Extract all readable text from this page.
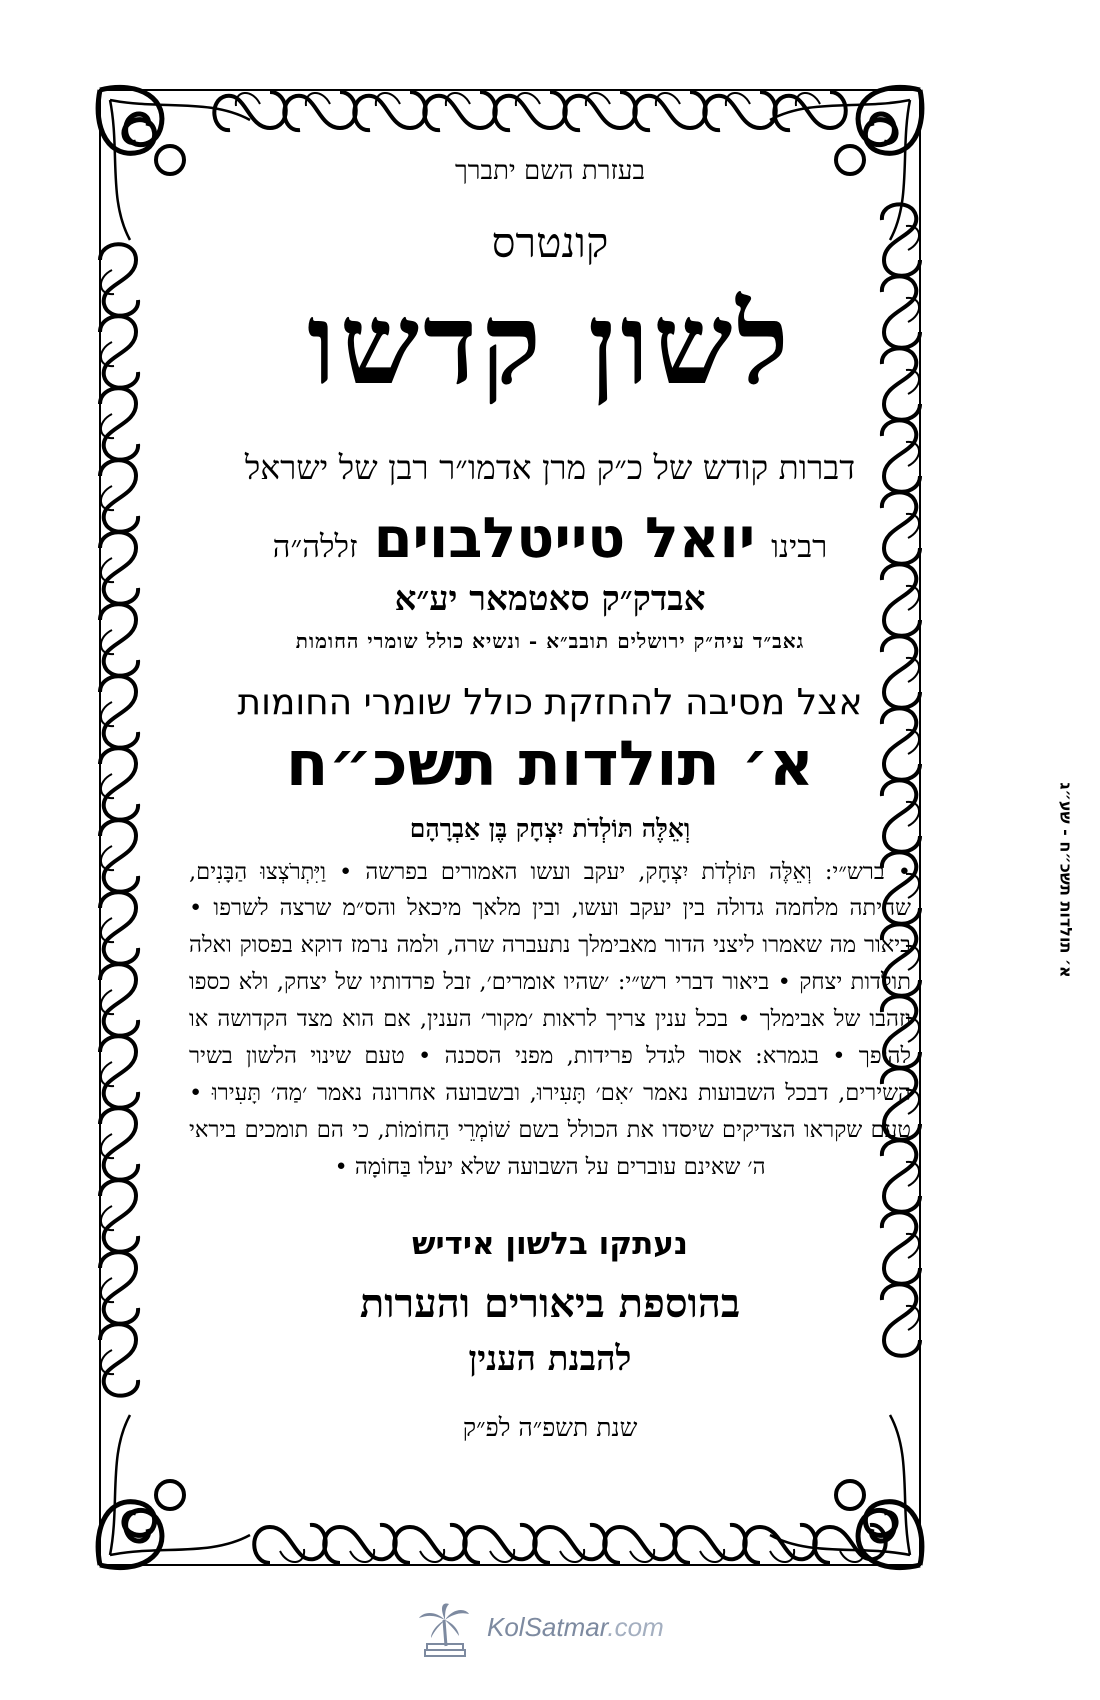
בעזרת השם יתברך
קונטרס
לשון קדשו
דברות קודש של כ״ק מרן אדמו״ר רבן של ישראל
רבינו יואל טייטלבוים זללה״ה
אבדק״ק סאטמאר יע״א
גאב״ד עיה״ק ירושלים תובב״א - ונשיא כולל שומרי החומות
אצל מסיבה להחזקת כולל שומרי החומות
א׳ תולדות תשכ״ח
וְאֵלֶּה תּוֹלְדֹת יִצְחָק בֶּן אַבְרָהָם

• ברש״י: וְאֵלֶּה תּוֹלְדֹת יִצְחָק, יעקב ועשו האמורים בפרשה • וַיִּתְרֹצְצוּ הַבָּנִים, שהיתה מלחמה גדולה בין יעקב ועשו, ובין מלאך מיכאל והס״מ שרצה לשרפו • ביאור מה שאמרו ליצני הדור מאבימלך נתעברה שרה, ולמה נרמז דוקא בפסוק ואלה תולדות יצחק • ביאור דברי רש״י: ׳שהיו אומרים׳, זבל פרדותיו של יצחק, ולא כספו וזהבו של אבימלך • בכל ענין צריך לראות ׳מקור׳ הענין, אם הוא מצד הקדושה או להיפך • בגמרא: אסור לגדל פרידות, מפני הסכנה • טעם שינוי הלשון בשיר השירים, דבכל השבועות נאמר ׳אִם׳ תָּעִירוּ, ובשבועה אחרונה נאמר ׳מַה׳ תָּעִירוּ • טעם שקראו הצדיקים שיסדו את הכולל בשם שׁוֹמְרֵי הַחוֹמוֹת, כי הם תומכים ביראי ה׳ שאינם עוברים על השבועה שלא יעלו בַּחוֹמָה •

נעתקו בלשון אידיש
בהוספת ביאורים והערות
להבנת הענין
שנת תשפ״ה לפ״ק
א׳ תולדות תשכ״ח - שע״ג
KolSatmar.com
